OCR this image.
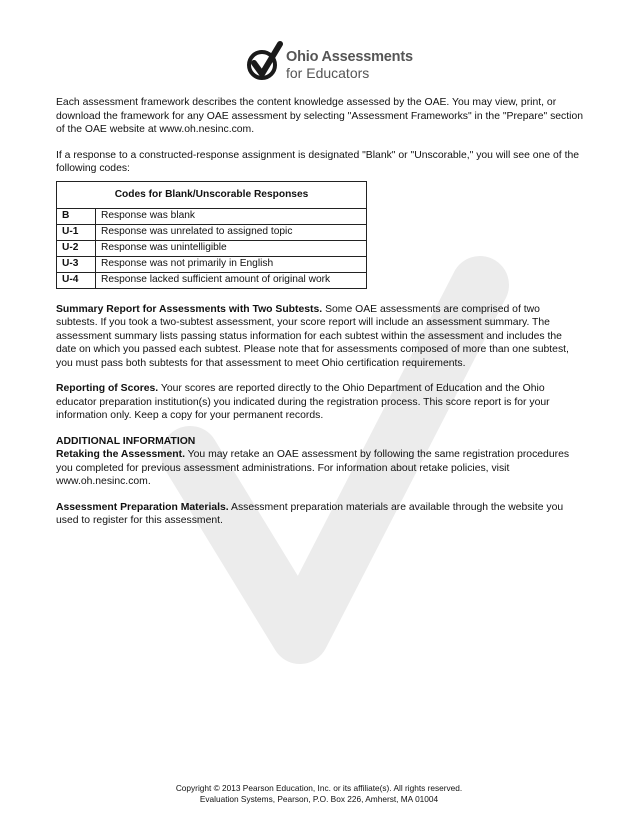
Ohio Assessments
for Educators

Each assessment framework describes the content knowledge assessed by the OAE. You may view, print, or download the framework for any OAE assessment by selecting "Assessment Frameworks" in the "Prepare" section of the OAE website at www.oh.nesinc.com.

If a response to a constructed-response assignment is designated "Blank" or "Unscorable," you will see one of the following codes:

Codes for Blank/Unscorable Responses	
B	Response was blank
U-1	Response was unrelated to assigned topic
U-2	Response was unintelligible
U-3	Response was not primarily in English
U-4	Response lacked sufficient amount of original work

Summary Report for Assessments with Two Subtests. Some OAE assessments are comprised of two subtests. If you took a two-subtest assessment, your score report will include an assessment summary. The assessment summary lists passing status information for each subtest within the assessment and includes the date on which you passed each subtest. Please note that for assessments composed of more than one subtest, you must pass both subtests for that assessment to meet Ohio certification requirements.

Reporting of Scores. Your scores are reported directly to the Ohio Department of Education and the Ohio educator preparation institution(s) you indicated during the registration process. This score report is for your information only. Keep a copy for your permanent records.

ADDITIONAL INFORMATION

Retaking the Assessment. You may retake an OAE assessment by following the same registration procedures you completed for previous assessment administrations. For information about retake policies, visit www.oh.nesinc.com.

Assessment Preparation Materials. Assessment preparation materials are available through the website you used to register for this assessment.

Copyright © 2013 Pearson Education, Inc. or its affiliate(s). All rights reserved.
Evaluation Systems, Pearson, P.O. Box 226, Amherst, MA 01004
